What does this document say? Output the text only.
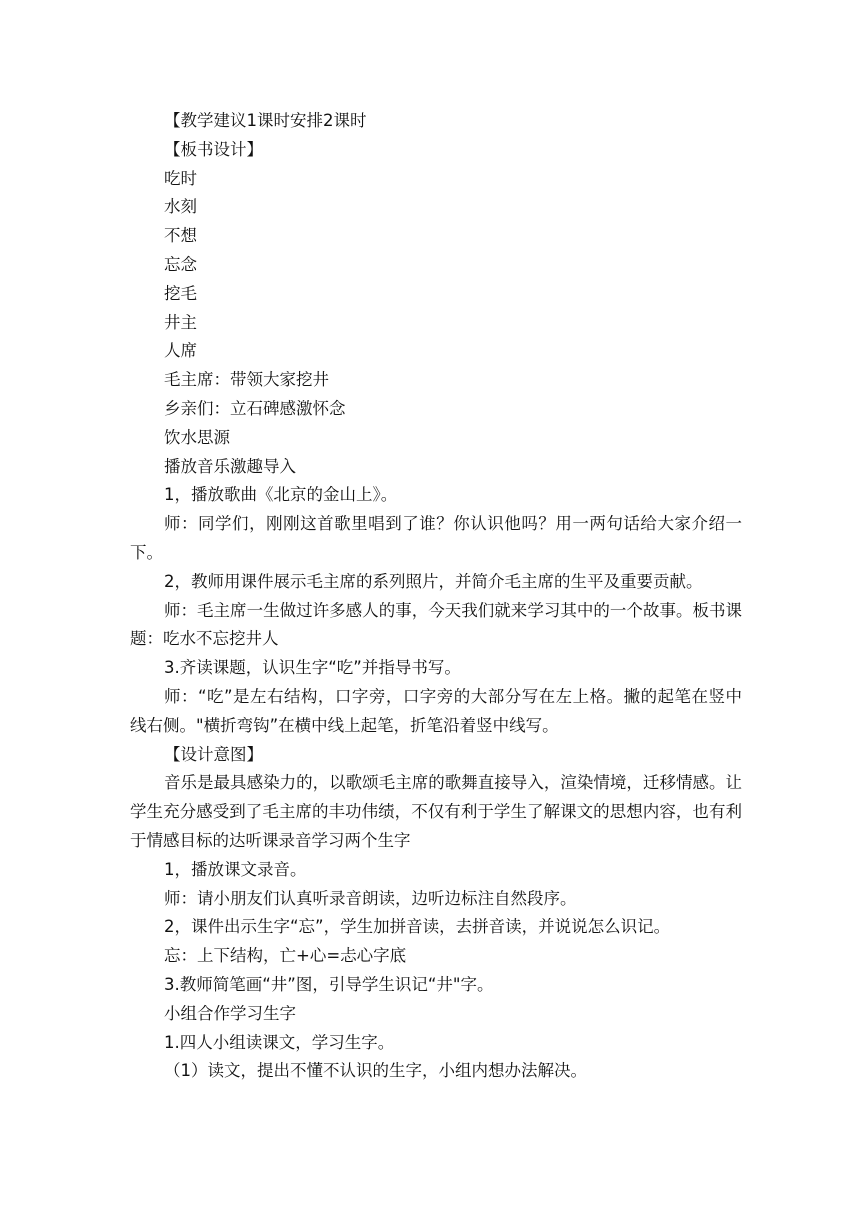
【教学建议1课时安排2课时

【板书设计】

吃时

水刻

不想

忘念

挖毛

井主

人席

毛主席：带领大家挖井

乡亲们：立石碑感激怀念

饮水思源

播放音乐激趣导入

1，播放歌曲《北京的金山上》。

师：同学们，刚刚这首歌里唱到了谁？你认识他吗？用一两句话给大家介绍一下。

2，教师用课件展示毛主席的系列照片，并简介毛主席的生平及重要贡献。

师：毛主席一生做过许多感人的事，今天我们就来学习其中的一个故事。板书课题：吃水不忘挖井人

3.齐读课题，认识生字“吃”并指导书写。

师：“吃”是左右结构，口字旁，口字旁的大部分写在左上格。撇的起笔在竖中线右侧。"横折弯钩”在横中线上起笔，折笔沿着竖中线写。

【设计意图】

音乐是最具感染力的，以歌颂毛主席的歌舞直接导入，渲染情境，迁移情感。让学生充分感受到了毛主席的丰功伟绩，不仅有利于学生了解课文的思想内容，也有利于情感目标的达听课录音学习两个生字

1，播放课文录音。

师：请小朋友们认真听录音朗读，边听边标注自然段序。

2，课件出示生字“忘”，学生加拼音读，去拼音读，并说说怎么识记。

忘：上下结构，亡+心=忐心字底

3.教师简笔画“井”图，引导学生识记“井"字。

小组合作学习生字

1.四人小组读课文，学习生字。

（1）读文，提出不懂不认识的生字，小组内想办法解决。
